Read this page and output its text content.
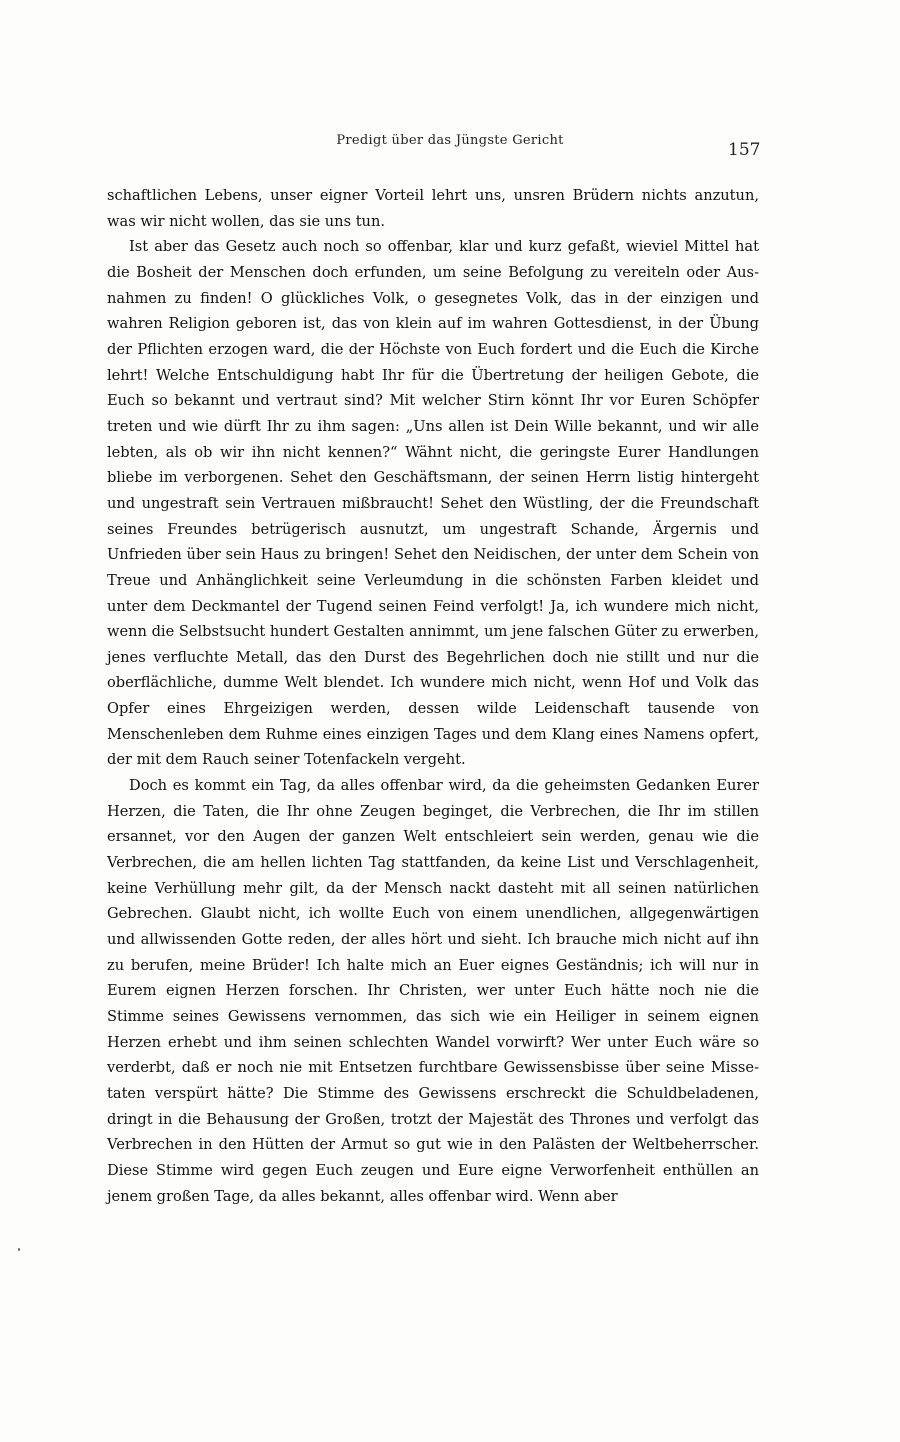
Predigt über das Jüngste Gericht	157

schaftlichen Lebens, unser eigner Vorteil lehrt uns, unsren Brüdern nichts anzutun, was wir nicht wollen, das sie uns tun.

Ist aber das Gesetz auch noch so offenbar, klar und kurz gefaßt, wieviel Mittel hat die Bosheit der Menschen doch erfunden, um seine Befolgung zu vereiteln oder Ausnahmen zu finden! O glückliches Volk, o gesegnetes Volk, das in der einzigen und wahren Religion geboren ist, das von klein auf im wahren Gottesdienst, in der Übung der Pflichten erzogen ward, die der Höchste von Euch fordert und die Euch die Kirche lehrt! Welche Entschuldigung habt Ihr für die Übertretung der heiligen Gebote, die Euch so bekannt und vertraut sind? Mit welcher Stirn könnt Ihr vor Euren Schöpfer treten und wie dürft Ihr zu ihm sagen: „Uns allen ist Dein Wille bekannt, und wir alle lebten, als ob wir ihn nicht kennen?“ Wähnt nicht, die geringste Eurer Handlungen bliebe im verborgenen. Sehet den Geschäftsmann, der seinen Herrn listig hintergeht und ungestraft sein Vertrauen mißbraucht! Sehet den Wüstling, der die Freundschaft seines Freundes betrügerisch ausnutzt, um ungestraft Schande, Ärgernis und Unfrieden über sein Haus zu bringen! Sehet den Neidischen, der unter dem Schein von Treue und Anhänglichkeit seine Verleumdung in die schönsten Farben kleidet und unter dem Deckmantel der Tugend seinen Feind verfolgt! Ja, ich wundere mich nicht, wenn die Selbstsucht hundert Gestalten annimmt, um jene falschen Güter zu erwerben, jenes verfluchte Metall, das den Durst des Begehrlichen doch nie stillt und nur die oberflächliche, dumme Welt blendet. Ich wundere mich nicht, wenn Hof und Volk das Opfer eines Ehrgeizigen werden, dessen wilde Leidenschaft tausende von Menschenleben dem Ruhme eines einzigen Tages und dem Klang eines Namens opfert, der mit dem Rauch seiner Totenfackeln vergeht.

Doch es kommt ein Tag, da alles offenbar wird, da die geheimsten Gedanken Eurer Herzen, die Taten, die Ihr ohne Zeugen beginget, die Verbrechen, die Ihr im stillen ersannet, vor den Augen der ganzen Welt entschleiert sein werden, genau wie die Verbrechen, die am hellen lichten Tag stattfanden, da keine List und Verschlagenheit, keine Verhüllung mehr gilt, da der Mensch nackt dasteht mit all seinen natürlichen Gebrechen. Glaubt nicht, ich wollte Euch von einem unendlichen, allgegenwärtigen und allwissenden Gotte reden, der alles hört und sieht. Ich brauche mich nicht auf ihn zu berufen, meine Brüder! Ich halte mich an Euer eignes Geständnis; ich will nur in Eurem eignen Herzen forschen. Ihr Christen, wer unter Euch hätte noch nie die Stimme seines Gewissens vernommen, das sich wie ein Heiliger in seinem eignen Herzen erhebt und ihm seinen schlechten Wandel vorwirft? Wer unter Euch wäre so verderbt, daß er noch nie mit Entsetzen furchtbare Gewissensbisse über seine Missetaten verspürt hätte? Die Stimme des Gewissens erschreckt die Schuldbeladenen, dringt in die Behausung der Großen, trotzt der Majestät des Thrones und verfolgt das Verbrechen in den Hütten der Armut so gut wie in den Palästen der Weltbeherrscher. Diese Stimme wird gegen Euch zeugen und Eure eigne Verworfenheit enthüllen an jenem großen Tage, da alles bekannt, alles offenbar wird. Wenn aber
